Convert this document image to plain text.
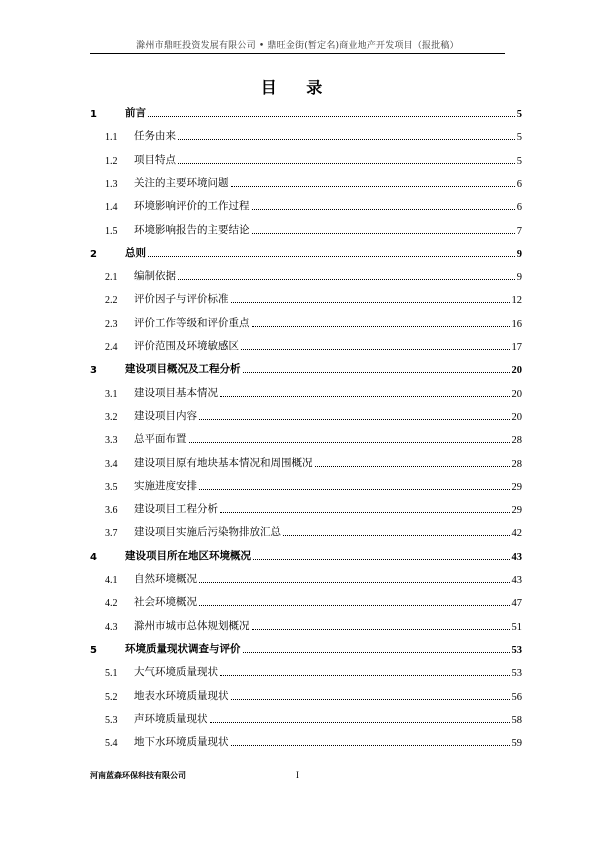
滁州市鼎旺投资发展有限公司 • 鼎旺金街(暂定名)商业地产开发项目（报批稿）
目 录
1	前言	5
1.1	任务由来	5
1.2	项目特点	5
1.3	关注的主要环境问题	6
1.4	环境影响评价的工作过程	6
1.5	环境影响报告的主要结论	7
2	总则	9
2.1	编制依据	9
2.2	评价因子与评价标准	12
2.3	评价工作等级和评价重点	16
2.4	评价范围及环境敏感区	17
3	建设项目概况及工程分析	20
3.1	建设项目基本情况	20
3.2	建设项目内容	20
3.3	总平面布置	28
3.4	建设项目原有地块基本情况和周围概况	28
3.5	实施进度安排	29
3.6	建设项目工程分析	29
3.7	建设项目实施后污染物排放汇总	42
4	建设项目所在地区环境概况	43
4.1	自然环境概况	43
4.2	社会环境概况	47
4.3	滁州市城市总体规划概况	51
5	环境质量现状调查与评价	53
5.1	大气环境质量现状	53
5.2	地表水环境质量现状	56
5.3	声环境质量现状	58
5.4	地下水环境质量现状	59
河南蓝森环保科技有限公司	I
